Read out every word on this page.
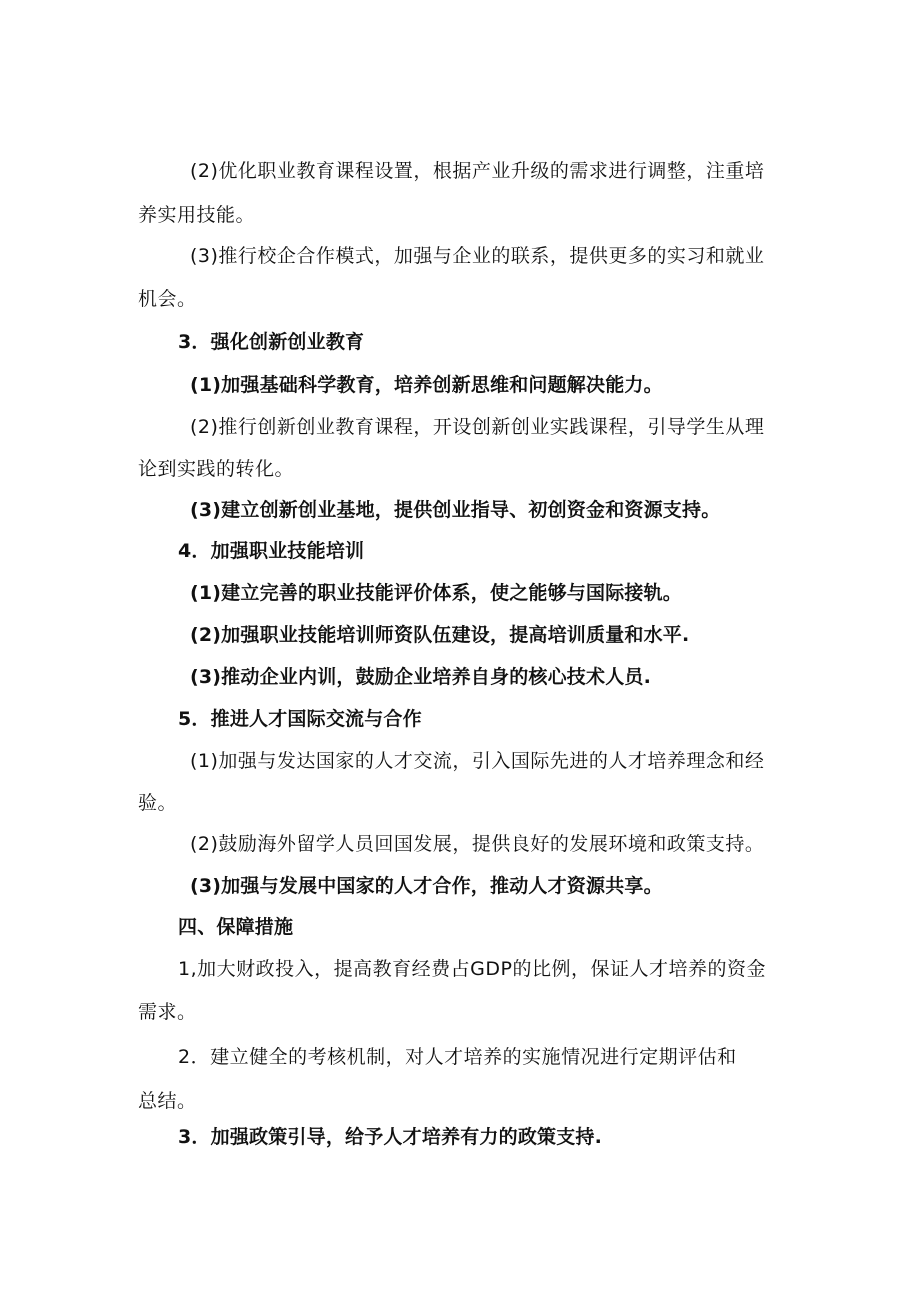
(2)优化职业教育课程设置，根据产业升级的需求进行调整，注重培
养实用技能。
(3)推行校企合作模式，加强与企业的联系，提供更多的实习和就业
机会。
3．强化创新创业教育
(1)加强基础科学教育，培养创新思维和问题解决能力。
(2)推行创新创业教育课程，开设创新创业实践课程，引导学生从理
论到实践的转化。
(3)建立创新创业基地，提供创业指导、初创资金和资源支持。
4．加强职业技能培训
(1)建立完善的职业技能评价体系，使之能够与国际接轨。
(2)加强职业技能培训师资队伍建设，提高培训质量和水平.
(3)推动企业内训，鼓励企业培养自身的核心技术人员.
5．推进人才国际交流与合作
(1)加强与发达国家的人才交流，引入国际先进的人才培养理念和经
验。
(2)鼓励海外留学人员回国发展，提供良好的发展环境和政策支持。
(3)加强与发展中国家的人才合作，推动人才资源共享。
四、保障措施
1,加大财政投入，提高教育经费占GDP的比例，保证人才培养的资金
需求。
2．建立健全的考核机制，对人才培养的实施情况进行定期评估和
总结。
3．加强政策引导，给予人才培养有力的政策支持.
